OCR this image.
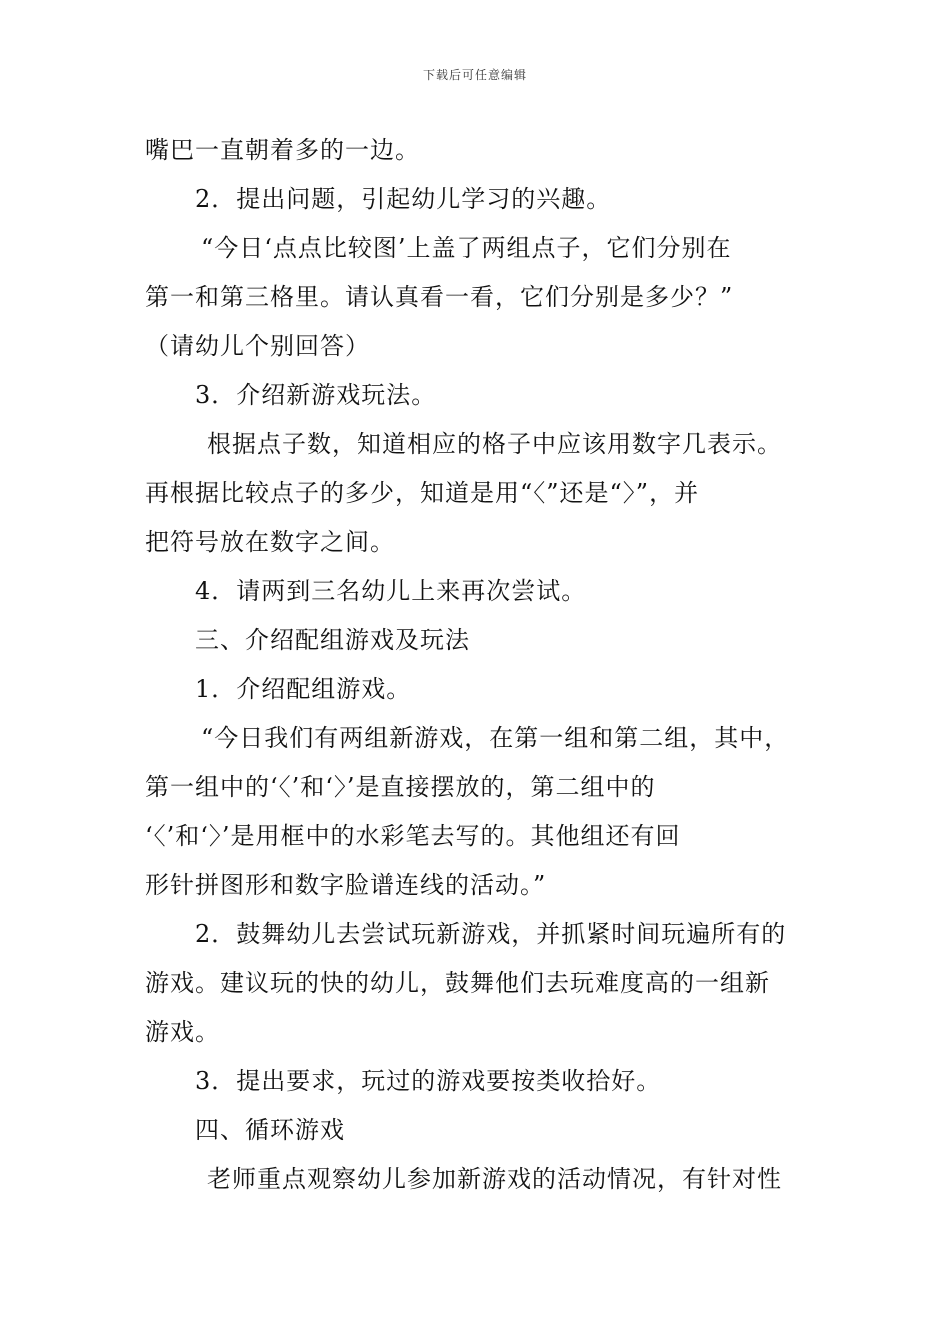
下载后可任意编辑
嘴巴一直朝着多的一边。
2．提出问题，引起幼儿学习的兴趣。
“今日‘点点比较图’上盖了两组点子，它们分别在
第一和第三格里。请认真看一看，它们分别是多少？”
（请幼儿个别回答）
3．介绍新游戏玩法。
根据点子数，知道相应的格子中应该用数字几表示。
再根据比较点子的多少，知道是用“〈”还是“〉”，并
把符号放在数字之间。
4．请两到三名幼儿上来再次尝试。
三、介绍配组游戏及玩法
1．介绍配组游戏。
“今日我们有两组新游戏，在第一组和第二组，其中，
第一组中的‘〈’和‘〉’是直接摆放的，第二组中的
‘〈’和‘〉’是用框中的水彩笔去写的。其他组还有回
形针拼图形和数字脸谱连线的活动。”
2．鼓舞幼儿去尝试玩新游戏，并抓紧时间玩遍所有的
游戏。建议玩的快的幼儿，鼓舞他们去玩难度高的一组新
游戏。
3．提出要求，玩过的游戏要按类收拾好。
四、循环游戏
老师重点观察幼儿参加新游戏的活动情况，有针对性
